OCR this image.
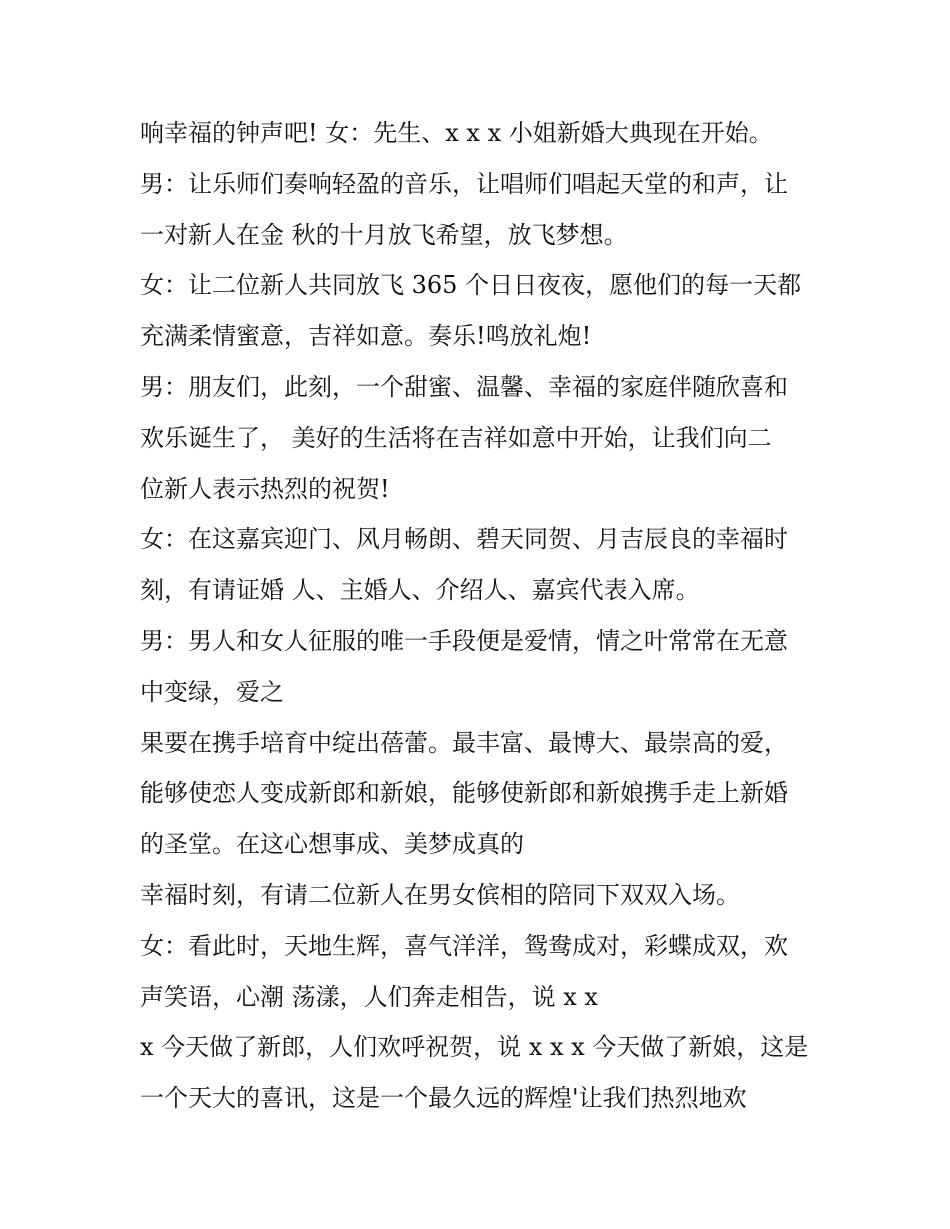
响幸福的钟声吧! 女：先生、x x x 小姐新婚大典现在开始。
男：让乐师们奏响轻盈的音乐，让唱师们唱起天堂的和声，让
一对新人在金 秋的十月放飞希望，放飞梦想。
女：让二位新人共同放飞 365 个日日夜夜，愿他们的每一天都
充满柔情蜜意，吉祥如意。奏乐!鸣放礼炮!
男：朋友们，此刻，一个甜蜜、温馨、幸福的家庭伴随欣喜和
欢乐诞生了， 美好的生活将在吉祥如意中开始，让我们向二
位新人表示热烈的祝贺!
女：在这嘉宾迎门、风月畅朗、碧天同贺、月吉辰良的幸福时
刻，有请证婚 人、主婚人、介绍人、嘉宾代表入席。
男：男人和女人征服的唯一手段便是爱情，情之叶常常在无意
中变绿，爱之
果要在携手培育中绽出蓓蕾。最丰富、最博大、最崇高的爱，
能够使恋人变成新郎和新娘，能够使新郎和新娘携手走上新婚
的圣堂。在这心想事成、美梦成真的
幸福时刻，有请二位新人在男女傧相的陪同下双双入场。
女：看此时，天地生辉，喜气洋洋，鸳鸯成对，彩蝶成双，欢
声笑语，心潮 荡漾，人们奔走相告，说 x x
x 今天做了新郎，人们欢呼祝贺，说 x x x 今天做了新娘，这是
一个天大的喜讯，这是一个最久远的辉煌'让我们热烈地欢
